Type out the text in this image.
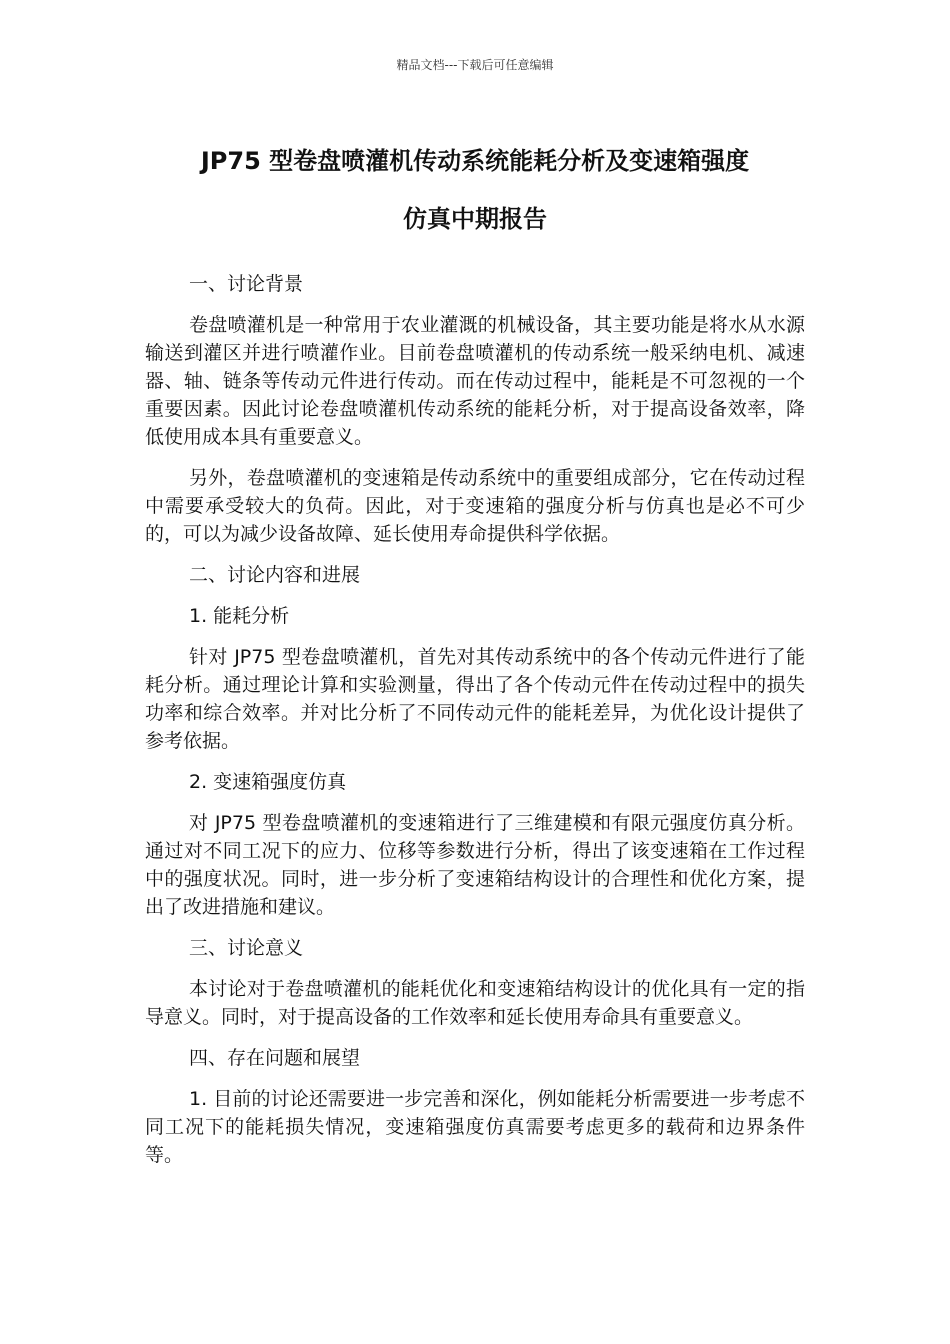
精品文档---下载后可任意编辑
JP75 型卷盘喷灌机传动系统能耗分析及变速箱强度
仿真中期报告

一、讨论背景

卷盘喷灌机是一种常用于农业灌溉的机械设备，其主要功能是将水从水源输送到灌区并进行喷灌作业。目前卷盘喷灌机的传动系统一般采纳电机、减速器、轴、链条等传动元件进行传动。而在传动过程中，能耗是不可忽视的一个重要因素。因此讨论卷盘喷灌机传动系统的能耗分析，对于提高设备效率，降低使用成本具有重要意义。

另外，卷盘喷灌机的变速箱是传动系统中的重要组成部分，它在传动过程中需要承受较大的负荷。因此，对于变速箱的强度分析与仿真也是必不可少的，可以为减少设备故障、延长使用寿命提供科学依据。

二、讨论内容和进展

1. 能耗分析

针对 JP75 型卷盘喷灌机，首先对其传动系统中的各个传动元件进行了能耗分析。通过理论计算和实验测量，得出了各个传动元件在传动过程中的损失功率和综合效率。并对比分析了不同传动元件的能耗差异，为优化设计提供了参考依据。

2. 变速箱强度仿真

对 JP75 型卷盘喷灌机的变速箱进行了三维建模和有限元强度仿真分析。通过对不同工况下的应力、位移等参数进行分析，得出了该变速箱在工作过程中的强度状况。同时，进一步分析了变速箱结构设计的合理性和优化方案，提出了改进措施和建议。

三、讨论意义

本讨论对于卷盘喷灌机的能耗优化和变速箱结构设计的优化具有一定的指导意义。同时，对于提高设备的工作效率和延长使用寿命具有重要意义。

四、存在问题和展望

1. 目前的讨论还需要进一步完善和深化，例如能耗分析需要进一步考虑不同工况下的能耗损失情况，变速箱强度仿真需要考虑更多的载荷和边界条件等。
